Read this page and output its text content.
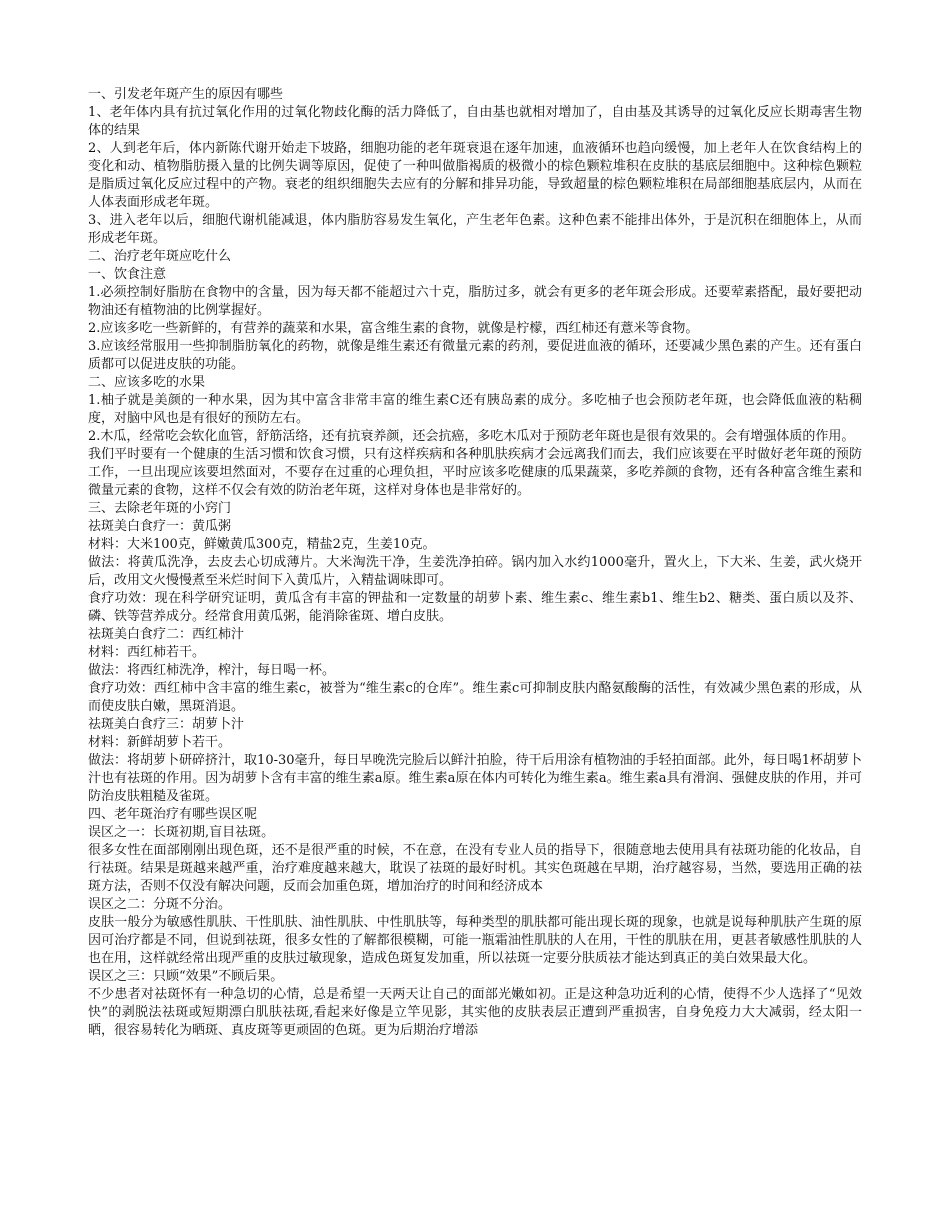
一、引发老年斑产生的原因有哪些

1、老年体内具有抗过氧化作用的过氧化物歧化酶的活力降低了，自由基也就相对增加了，自由基及其诱导的过氧化反应长期毒害生物体的结果

2、人到老年后，体内新陈代谢开始走下坡路，细胞功能的老年斑衰退在逐年加速，血液循环也趋向缓慢，加上老年人在饮食结构上的变化和动、植物脂肪摄入量的比例失调等原因，促使了一种叫做脂褐质的极微小的棕色颗粒堆积在皮肤的基底层细胞中。这种棕色颗粒是脂质过氧化反应过程中的产物。衰老的组织细胞失去应有的分解和排异功能，导致超量的棕色颗粒堆积在局部细胞基底层内，从而在人体表面形成老年斑。

3、进入老年以后，细胞代谢机能减退，体内脂肪容易发生氧化，产生老年色素。这种色素不能排出体外，于是沉积在细胞体上，从而形成老年斑。

二、治疗老年斑应吃什么

一、饮食注意

1.必须控制好脂肪在食物中的含量，因为每天都不能超过六十克，脂肪过多，就会有更多的老年斑会形成。还要荤素搭配，最好要把动物油还有植物油的比例掌握好。

2.应该多吃一些新鲜的，有营养的蔬菜和水果，富含维生素的食物，就像是柠檬，西红柿还有薏米等食物。

3.应该经常服用一些抑制脂肪氧化的药物，就像是维生素还有微量元素的药剂，要促进血液的循环，还要减少黑色素的产生。还有蛋白质都可以促进皮肤的功能。

二、应该多吃的水果

1.柚子就是美颜的一种水果，因为其中富含非常丰富的维生素C还有胰岛素的成分。多吃柚子也会预防老年斑，也会降低血液的粘稠度，对脑中风也是有很好的预防左右。

2.木瓜，经常吃会软化血管，舒筋活络，还有抗衰养颜，还会抗癌，多吃木瓜对于预防老年斑也是很有效果的。会有增强体质的作用。

我们平时要有一个健康的生活习惯和饮食习惯，只有这样疾病和各种肌肤疾病才会远离我们而去，我们应该要在平时做好老年斑的预防工作，一旦出现应该要坦然面对，不要存在过重的心理负担，平时应该多吃健康的瓜果蔬菜，多吃养颜的食物，还有各种富含维生素和微量元素的食物，这样不仅会有效的防治老年斑，这样对身体也是非常好的。

三、去除老年斑的小窍门

祛斑美白食疗一：黄瓜粥

材料：大米100克，鲜嫩黄瓜300克，精盐2克，生姜10克。

做法：将黄瓜洗净，去皮去心切成薄片。大米淘洗干净，生姜洗净拍碎。锅内加入水约1000毫升，置火上，下大米、生姜，武火烧开后，改用文火慢慢煮至米烂时间下入黄瓜片，入精盐调味即可。

食疗功效：现在科学研究证明，黄瓜含有丰富的钾盐和一定数量的胡萝卜素、维生素c、维生素b1、维生b2、糖类、蛋白质以及芥、磷、铁等营养成分。经常食用黄瓜粥，能消除雀斑、增白皮肤。

祛斑美白食疗二：西红柿汁

材料：西红柿若干。

做法：将西红柿洗净，榨汁，每日喝一杯。

食疗功效：西红柿中含丰富的维生素c，被誉为“维生素c的仓库”。维生素c可抑制皮肤内酪氨酸酶的活性，有效减少黑色素的形成，从而使皮肤白嫩，黑斑消退。

祛斑美白食疗三：胡萝卜汁

材料：新鲜胡萝卜若干。

做法：将胡萝卜研碎挤汁，取10-30毫升，每日早晚洗完脸后以鲜汁拍脸，待干后用涂有植物油的手轻拍面部。此外，每日喝1杯胡萝卜汁也有祛斑的作用。因为胡萝卜含有丰富的维生素a原。维生素a原在体内可转化为维生素a。维生素a具有滑润、强健皮肤的作用，并可防治皮肤粗糙及雀斑。

四、老年斑治疗有哪些误区呢

误区之一：长斑初期,盲目祛斑。

很多女性在面部刚刚出现色斑，还不是很严重的时候，不在意，在没有专业人员的指导下，很随意地去使用具有祛斑功能的化妆品，自行祛斑。结果是斑越来越严重，治疗难度越来越大，耽误了祛斑的最好时机。其实色斑越在早期，治疗越容易，当然，要选用正确的祛斑方法，否则不仅没有解决问题，反而会加重色斑，增加治疗的时间和经济成本

误区之二：分斑不分治。

皮肤一般分为敏感性肌肤、干性肌肤、油性肌肤、中性肌肤等，每种类型的肌肤都可能出现长斑的现象，也就是说每种肌肤产生斑的原因可治疗都是不同，但说到祛斑，很多女性的了解都很模糊，可能一瓶霜油性肌肤的人在用，干性的肌肤在用，更甚者敏感性肌肤的人也在用，这样就经常出现严重的皮肤过敏现象，造成色斑复发加重，所以祛斑一定要分肤质祛才能达到真正的美白效果最大化。

误区之三：只顾“效果”不顾后果。

不少患者对祛斑怀有一种急切的心情，总是希望一天两天让自己的面部光嫩如初。正是这种急功近利的心情，使得不少人选择了“见效快”的剥脱法祛斑或短期漂白肌肤祛斑,看起来好像是立竿见影，其实他的皮肤表层正遭到严重损害，自身免疫力大大减弱，经太阳一晒，很容易转化为晒斑、真皮斑等更顽固的色斑。更为后期治疗增添
